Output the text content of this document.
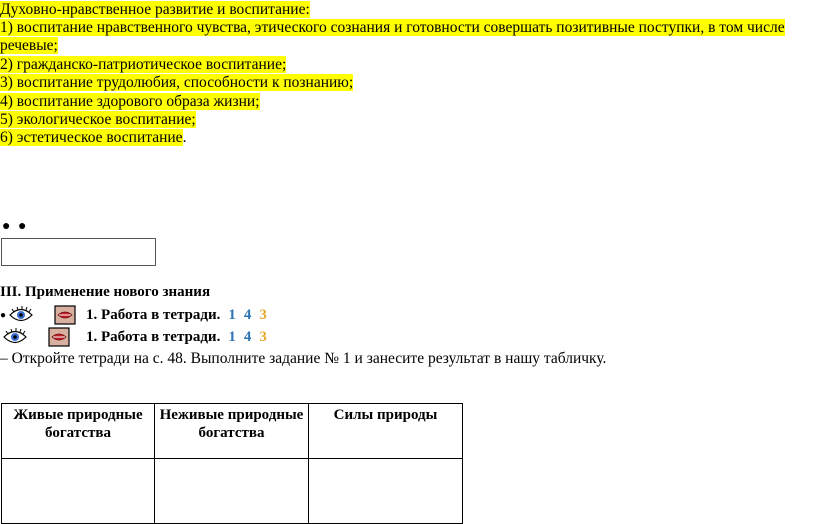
Духовно-нравственное развитие и воспитание:
1) воспитание нравственного чувства, этического сознания и готовности совершать позитивные поступки, в том числе
речевые;
2) гражданско-патриотическое воспитание;
3) воспитание трудолюбия, способности к познанию;
4) воспитание здорового образа жизни;
5) экологическое воспитание;
6) эстетическое воспитание.
● ●
III. Применение нового знания
●	1. Работа в тетради. 1 4 3
1. Работа в тетради. 1 4 3
– Откройте тетради на с. 48. Выполните задание № 1 и занесите результат в нашу табличку.
Живые природные богатства	Неживые природные богатства	Силы природы
